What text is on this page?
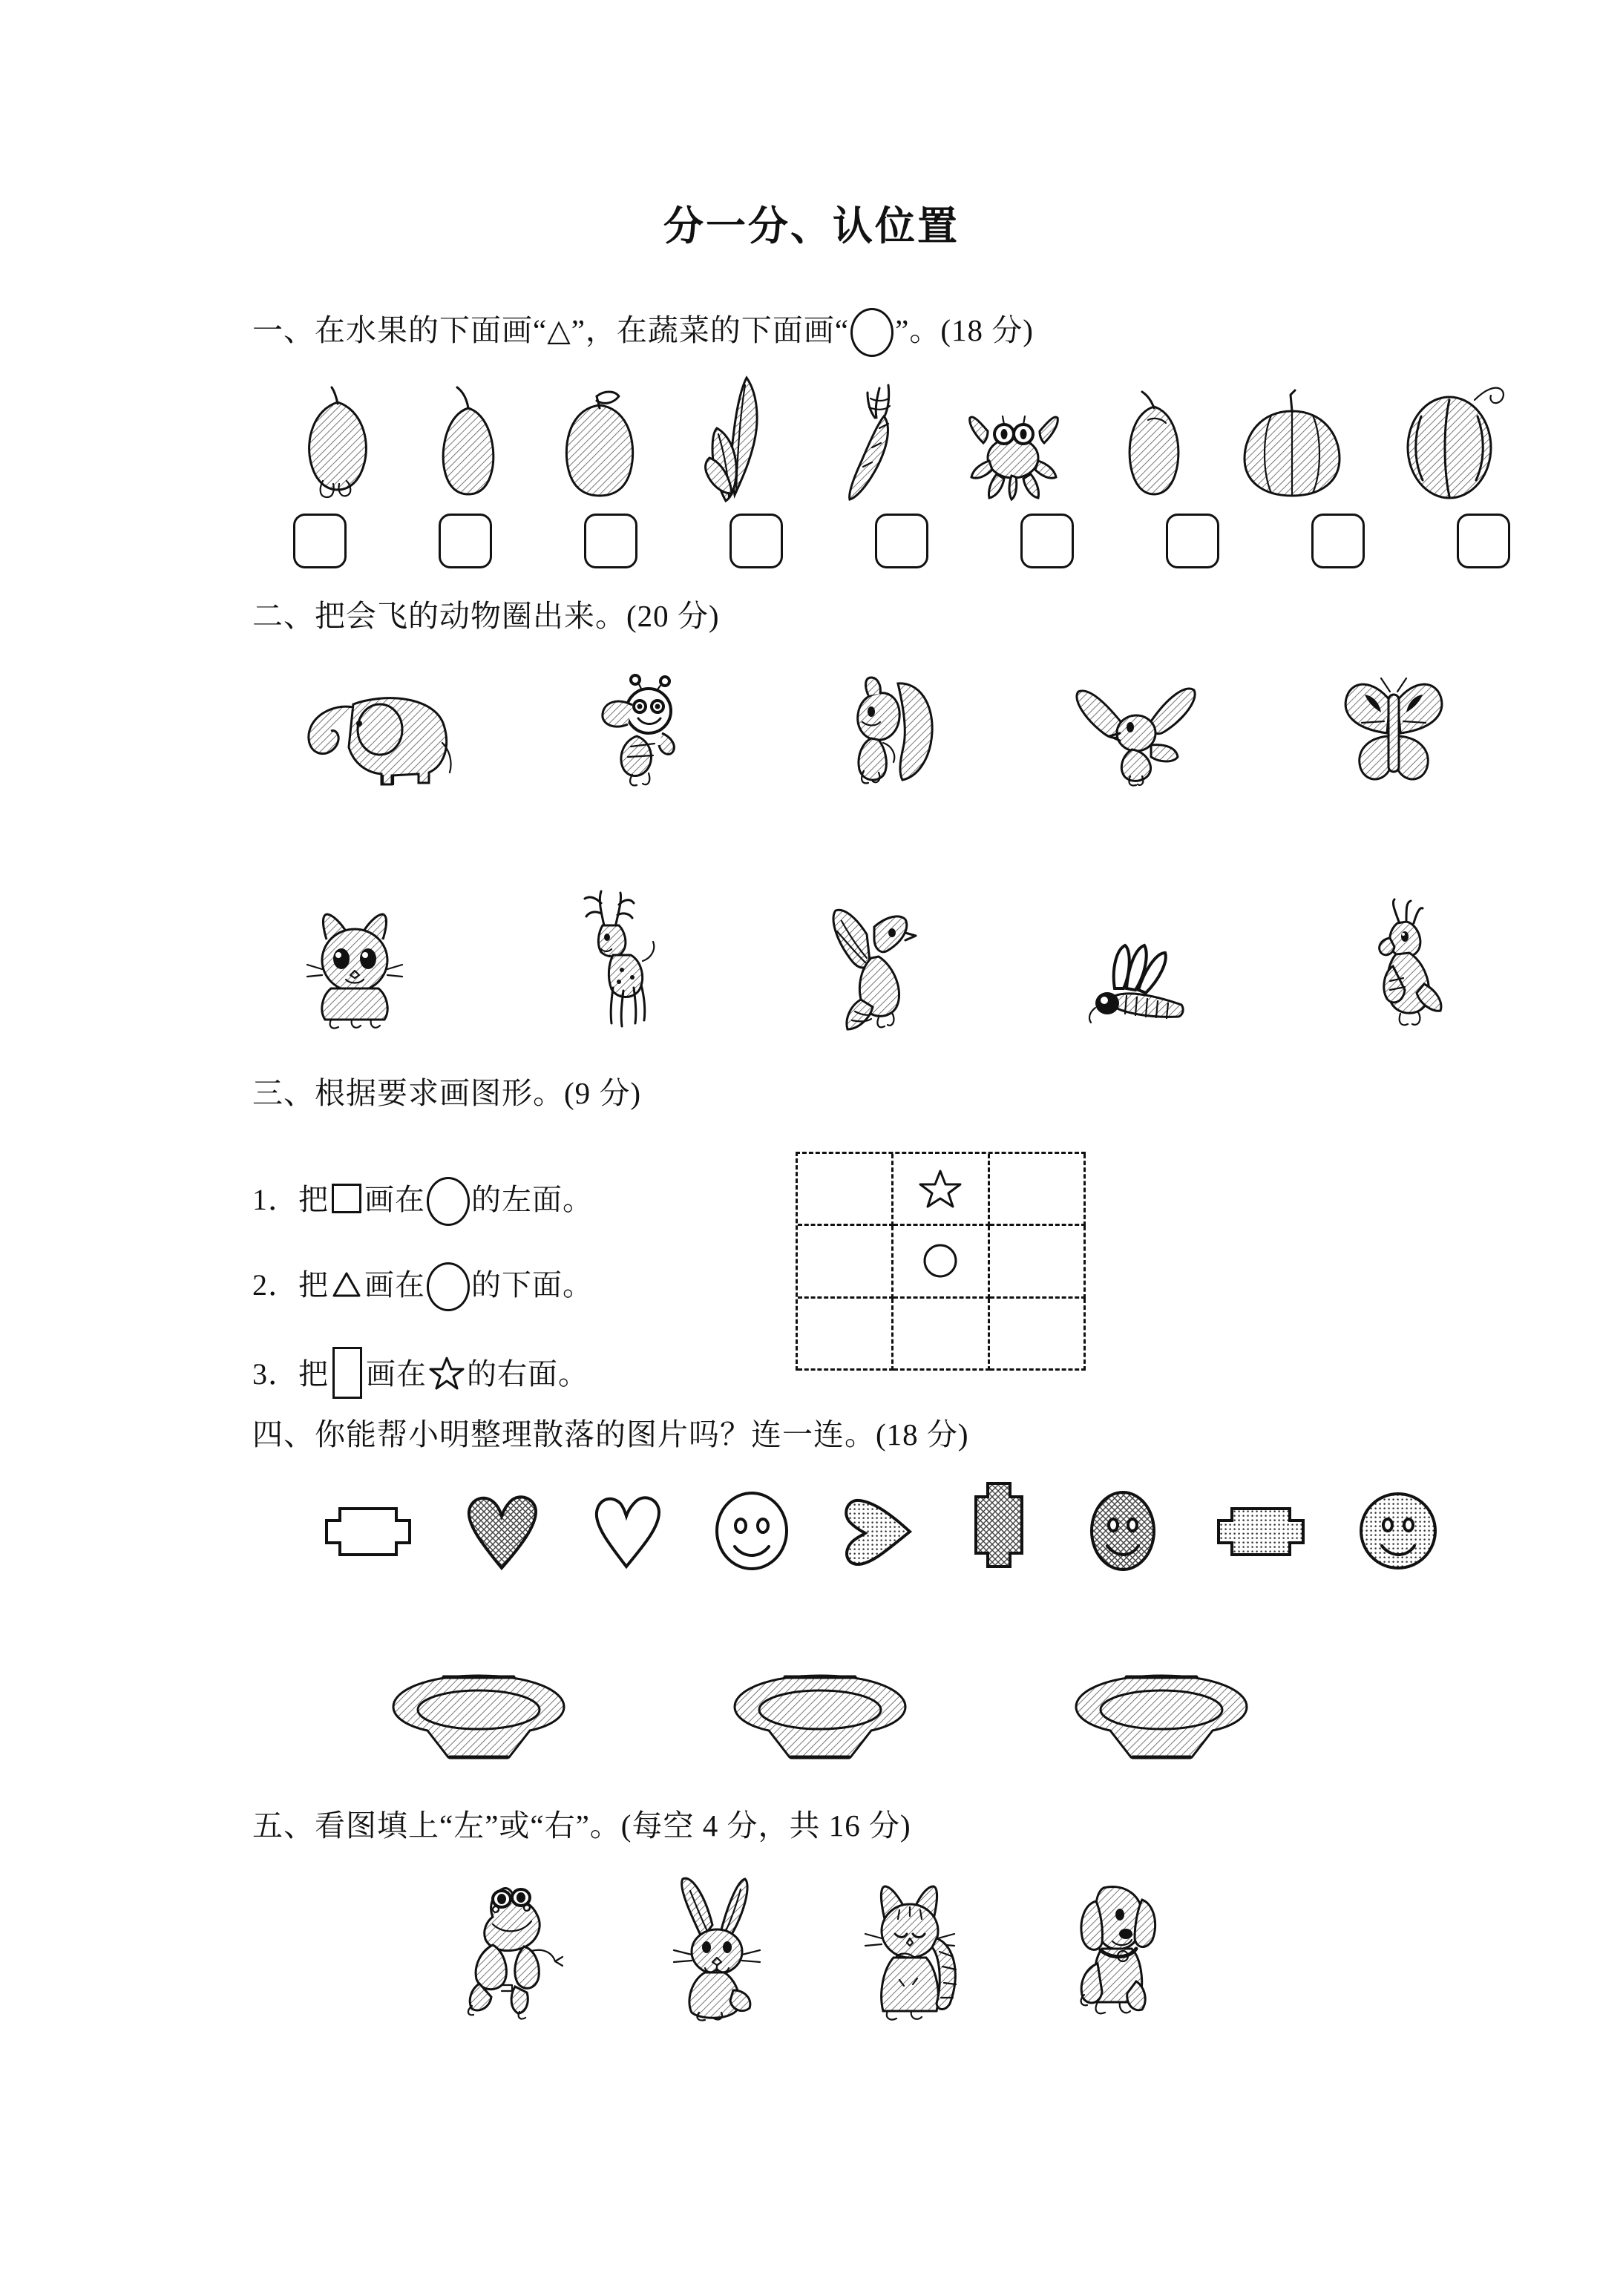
分一分、认位置
一、在水果的下面画“△”，在蔬菜的下面画“ ”。(18 分)
二、把会飞的动物圈出来。(20 分)
三、根据要求画图形。(9 分)
1．把 画在 的左面。
2．把 画在 的下面。
3．把 画在 的右面。
四、你能帮小明整理散落的图片吗？连一连。(18 分)
五、看图填上“左”或“右”。(每空 4 分，共 16 分)
